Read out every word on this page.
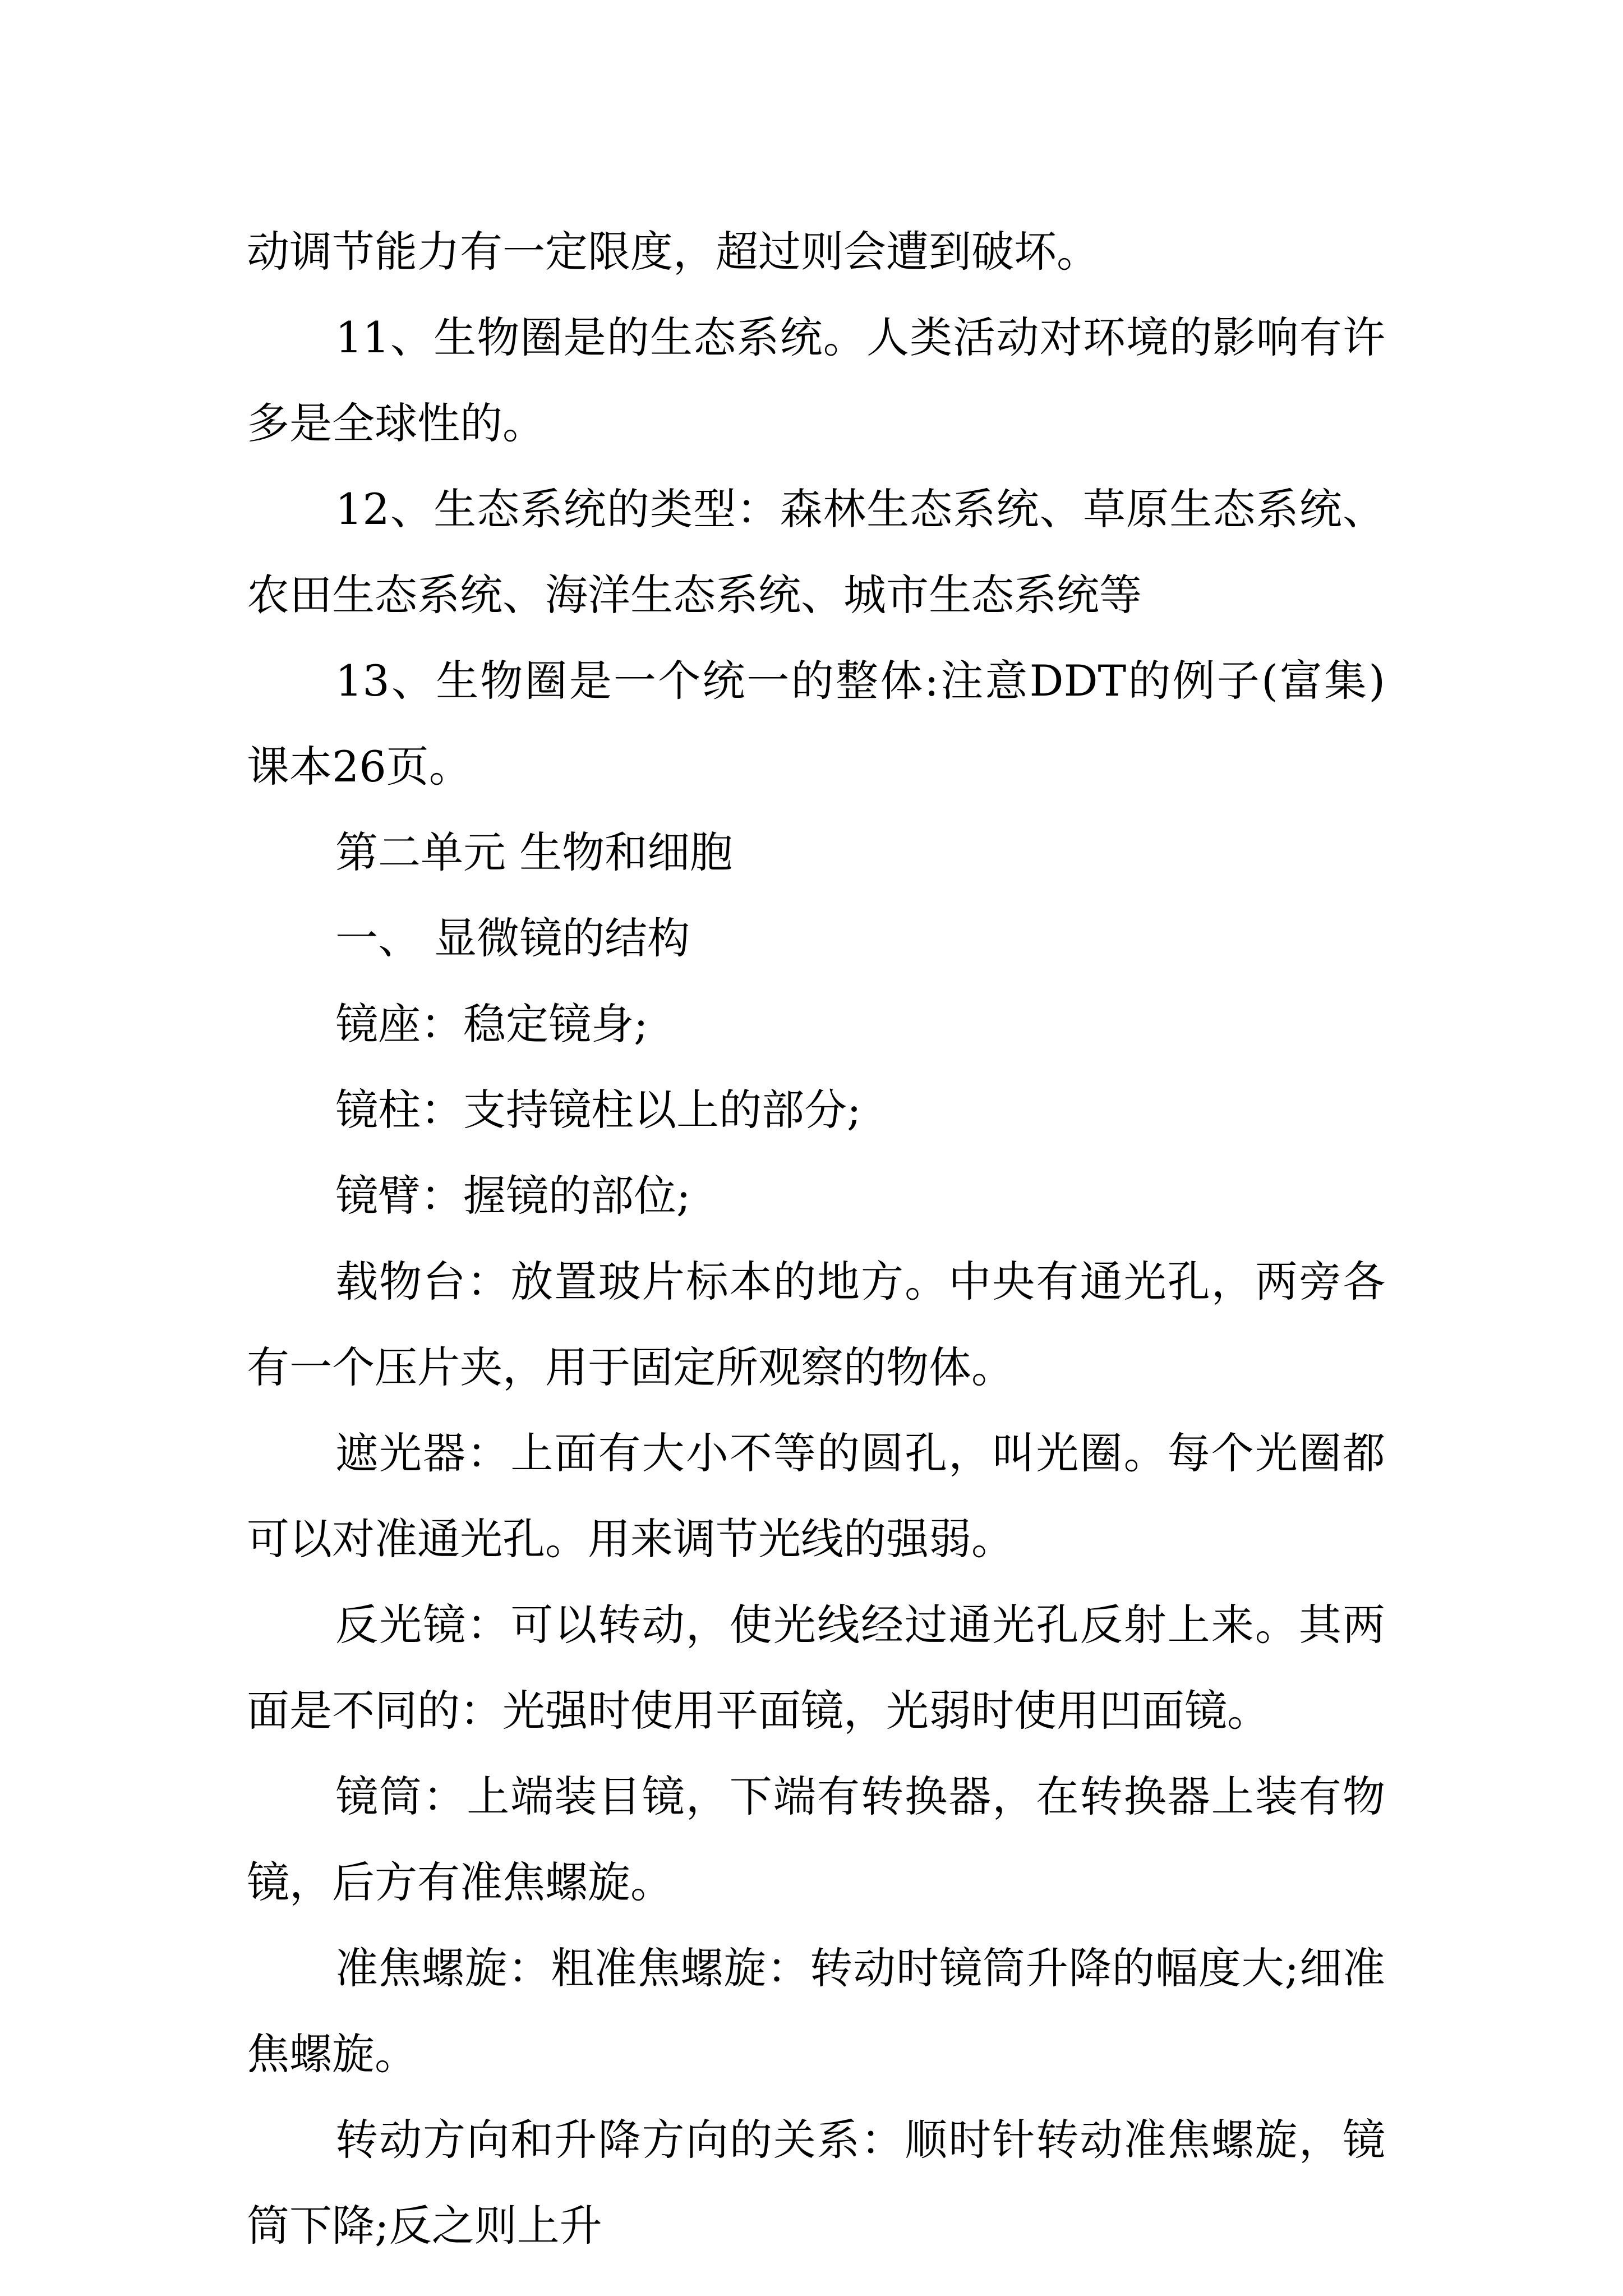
动调节能力有一定限度，超过则会遭到破坏。

11、生物圈是的生态系统。人类活动对环境的影响有许多是全球性的。

12、生态系统的类型：森林生态系统、草原生态系统、农田生态系统、海洋生态系统、城市生态系统等

13、生物圈是一个统一的整体:注意DDT的例子(富集)课本26页。

第二单元 生物和细胞

一、 显微镜的结构

镜座：稳定镜身;

镜柱：支持镜柱以上的部分;

镜臂：握镜的部位;

载物台：放置玻片标本的地方。中央有通光孔，两旁各有一个压片夹，用于固定所观察的物体。

遮光器：上面有大小不等的圆孔，叫光圈。每个光圈都可以对准通光孔。用来调节光线的强弱。

反光镜：可以转动，使光线经过通光孔反射上来。其两面是不同的：光强时使用平面镜，光弱时使用凹面镜。

镜筒：上端装目镜，下端有转换器，在转换器上装有物镜，后方有准焦螺旋。

准焦螺旋：粗准焦螺旋：转动时镜筒升降的幅度大;细准焦螺旋。

转动方向和升降方向的关系：顺时针转动准焦螺旋，镜筒下降;反之则上升
